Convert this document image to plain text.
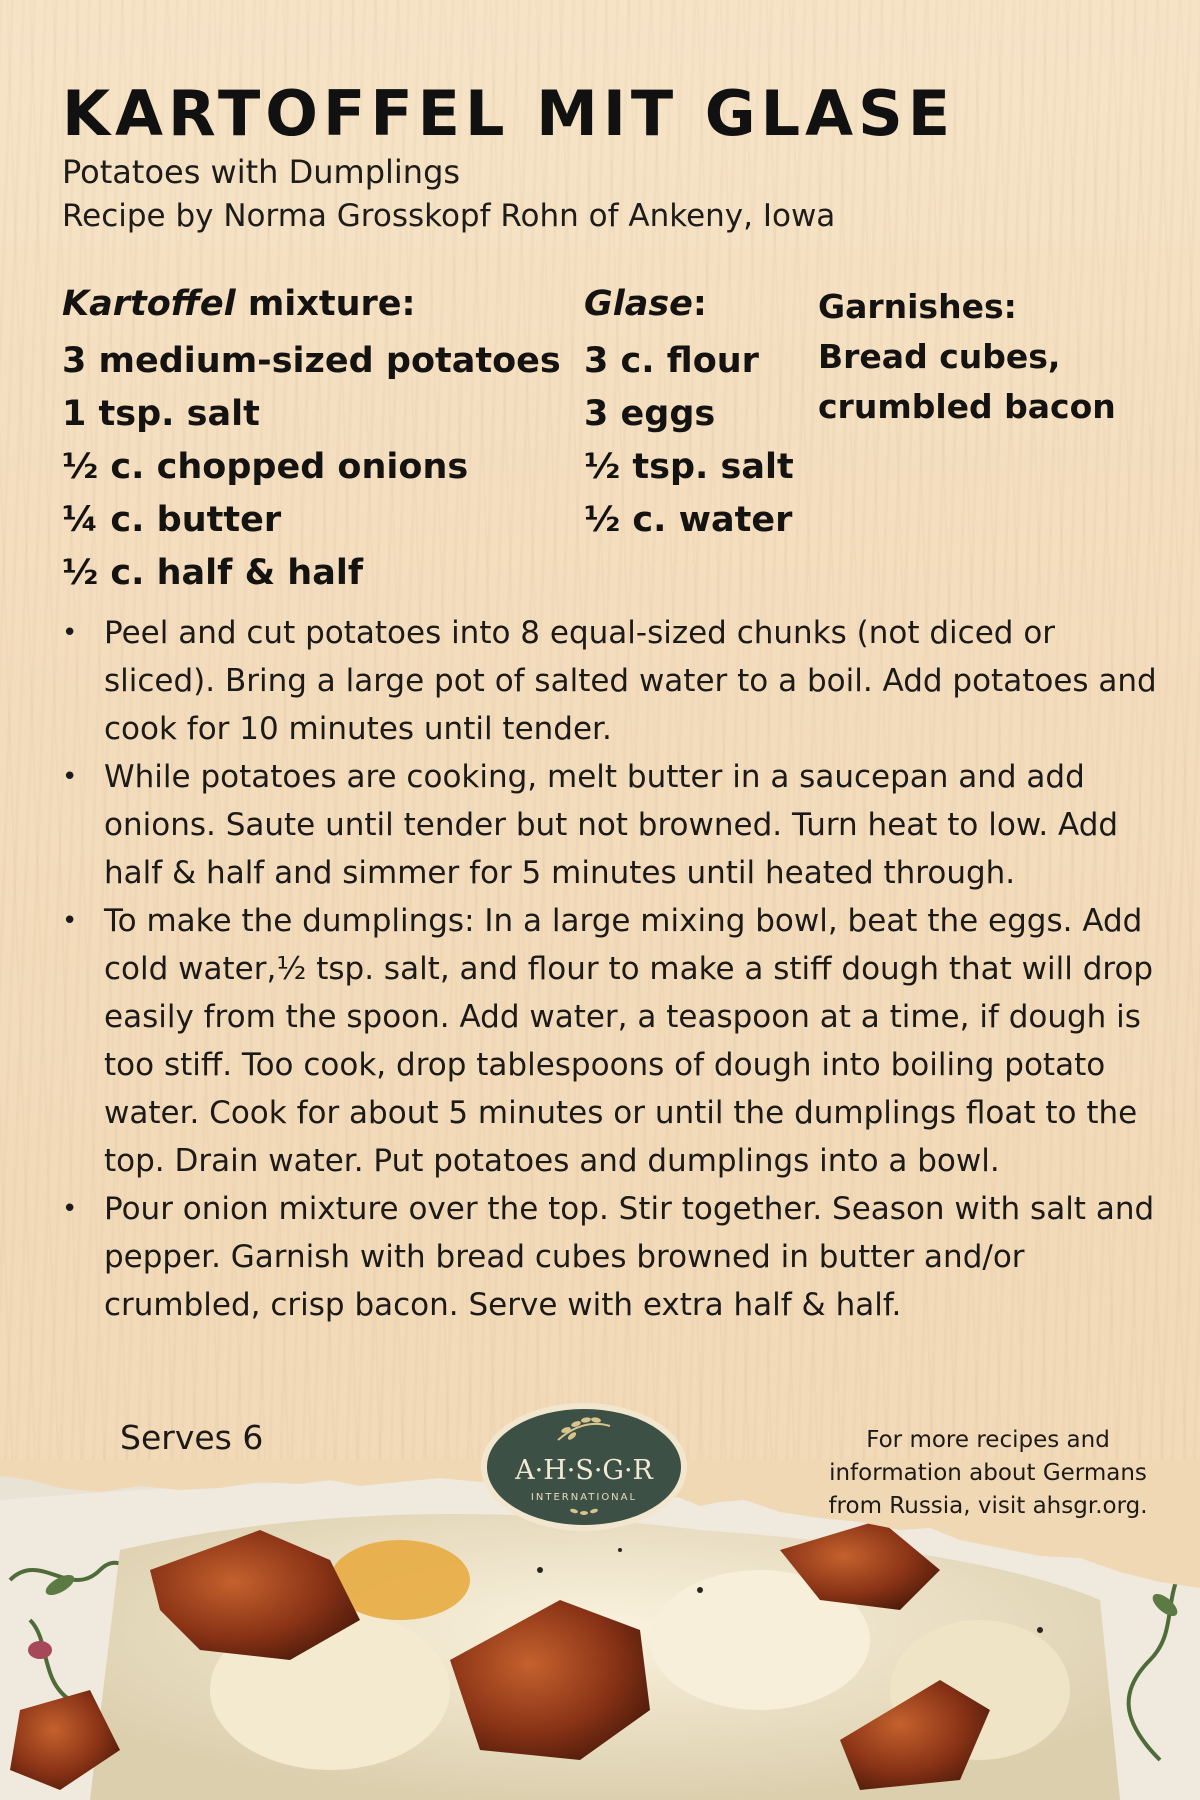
KARTOFFEL MIT GLASE
Potatoes with Dumplings
Recipe by Norma Grosskopf Rohn of Ankeny, Iowa
Kartoffel mixture:
3 medium-sized potatoes
1 tsp. salt
½ c. chopped onions
¼ c. butter
½ c. half & half
Glase:
3 c. flour
3 eggs
½ tsp. salt
½ c. water
Garnishes:
Bread cubes,
crumbled bacon
• Peel and cut potatoes into 8 equal-sized chunks (not diced or sliced). Bring a large pot of salted water to a boil. Add potatoes and cook for 10 minutes until tender.
• While potatoes are cooking, melt butter in a saucepan and add onions. Saute until tender but not browned. Turn heat to low. Add half & half and simmer for 5 minutes until heated through.
• To make the dumplings: In a large mixing bowl, beat the eggs. Add cold water,½ tsp. salt, and flour to make a stiff dough that will drop easily from the spoon. Add water, a teaspoon at a time, if dough is too stiff. Too cook, drop tablespoons of dough into boiling potato water. Cook for about 5 minutes or until the dumplings float to the top. Drain water. Put potatoes and dumplings into a bowl.
• Pour onion mixture over the top. Stir together. Season with salt and pepper. Garnish with bread cubes browned in butter and/or crumbled, crisp bacon. Serve with extra half & half.
Serves 6
A·H·S·G·R
INTERNATIONAL
For more recipes and information about Germans from Russia, visit ahsgr.org.
